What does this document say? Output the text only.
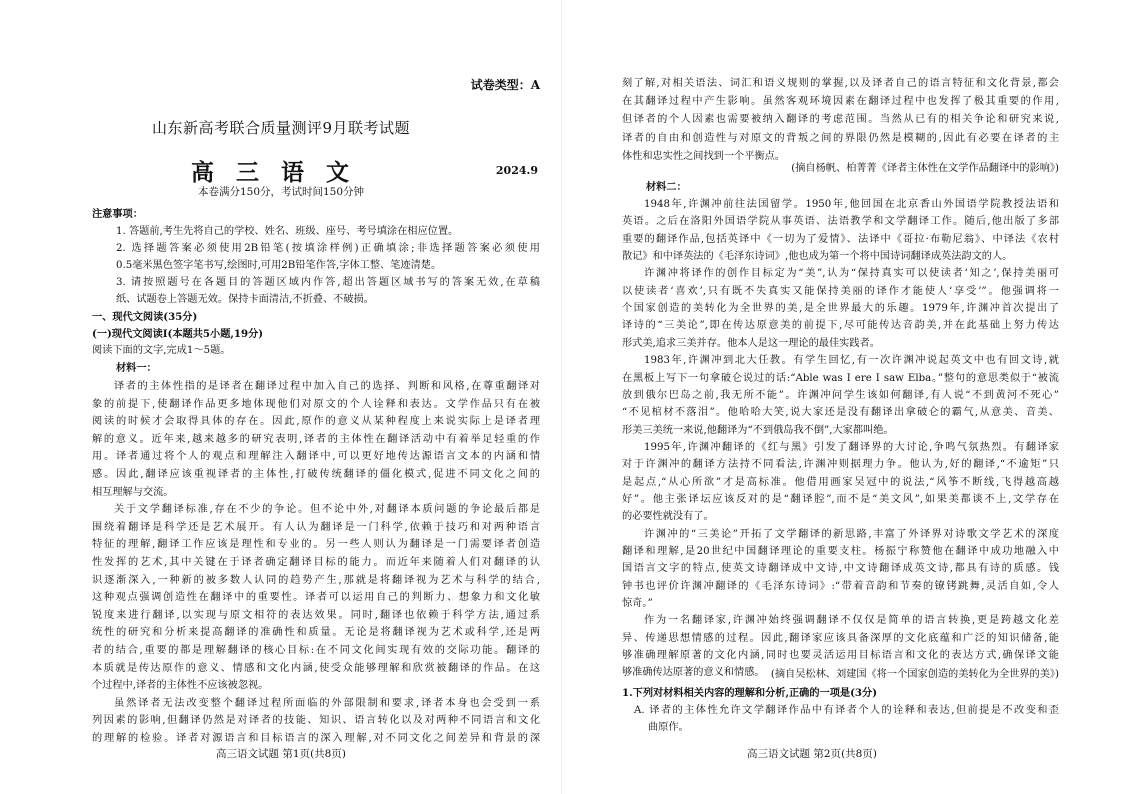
试卷类型：A
山东新高考联合质量测评9月联考试题
高三语文	2024.9
本卷满分150分，考试时间150分钟
注意事项：
1. 答题前,考生先将自己的学校、姓名、班级、座号、考号填涂在相应位置。
2. 选择题答案必须使用2B铅笔(按填涂样例)正确填涂;非选择题答案必须使用
0.5毫米黑色签字笔书写,绘图时,可用2B铅笔作答,字体工整、笔迹清楚。
3. 请按照题号在各题目的答题区域内作答,超出答题区域书写的答案无效,在草稿
纸、试题卷上答题无效。保持卡面清洁,不折叠、不破损。
一、现代文阅读(35分)
(一)现代文阅读Ⅰ(本题共5小题,19分)
阅读下面的文字,完成1～5题。
材料一：
译者的主体性指的是译者在翻译过程中加入自己的选择、判断和风格,在尊重翻译对
象的前提下,使翻译作品更多地体现他们对原文的个人诠释和表达。文学作品只有在被
阅读的时候才会取得具体的存在。因此,原作的意义从某种程度上来说实际上是译者理
解的意义。近年来,越来越多的研究表明,译者的主体性在翻译活动中有着举足轻重的作
用。译者通过将个人的观点和理解注入翻译中,可以更好地传达源语言文本的内涵和情
感。因此,翻译应该重视译者的主体性,打破传统翻译的僵化模式,促进不同文化之间的
相互理解与交流。
关于文学翻译标准,存在不少的争论。但不论中外,对翻译本质问题的争论最后都是
围绕着翻译是科学还是艺术展开。有人认为翻译是一门科学,依赖于技巧和对两种语言
特征的理解,翻译工作应该是理性和专业的。另一些人则认为翻译是一门需要译者创造
性发挥的艺术,其中关键在于译者确定翻译目标的能力。而近年来随着人们对翻译的认
识逐渐深入,一种新的被多数人认同的趋势产生,那就是将翻译视为艺术与科学的结合,
这种观点强调创造性在翻译中的重要性。译者可以运用自己的判断力、想象力和文化敏
锐度来进行翻译,以实现与原文相符的表达效果。同时,翻译也依赖于科学方法,通过系
统性的研究和分析来提高翻译的准确性和质量。无论是将翻译视为艺术或科学,还是两
者的结合,重要的都是理解翻译的核心目标:在不同文化间实现有效的交际功能。翻译的
本质就是传达原作的意义、情感和文化内涵,使受众能够理解和欣赏被翻译的作品。在这
个过程中,译者的主体性不应该被忽视。
虽然译者无法改变整个翻译过程所面临的外部限制和要求,译者本身也会受到一系
列因素的影响,但翻译仍然是对译者的技能、知识、语言转化以及对两种不同语言和文化
的理解的检验。译者对源语言和目标语言的深入理解,对不同文化之间差异和背景的深
高三语文试题 第1页(共8页)
刻了解,对相关语法、词汇和语义规则的掌握,以及译者自己的语言特征和文化背景,都会
在其翻译过程中产生影响。虽然客观环境因素在翻译过程中也发挥了极其重要的作用,
但译者的个人因素也需要被纳入翻译的考虑范围。当然从已有的相关争论和研究来说,
译者的自由和创造性与对原文的背叛之间的界限仍然是模糊的,因此有必要在译者的主
体性和忠实性之间找到一个平衡点。
(摘自杨帆、柏菁菁《译者主体性在文学作品翻译中的影响》)
材料二：
1948年,许渊冲前往法国留学。1950年,他回国在北京香山外国语学院教授法语和
英语。之后在洛阳外国语学院从事英语、法语教学和文学翻译工作。随后,他出版了多部
重要的翻译作品,包括英译中《一切为了爱情》、法译中《哥拉·布勒尼翁》、中译法《农村
散记》和中译英法的《毛泽东诗词》,他也成为第一个将中国诗词翻译成英法韵文的人。
许渊冲将译作的创作目标定为“美”,认为“保持真实可以使读者‘知之’,保持美丽可
以使读者‘喜欢’,只有既不失真实又能保持美丽的译作才能使人‘享受’”。他强调将一
个国家创造的美转化为全世界的美,是全世界最大的乐趣。1979年,许渊冲首次提出了
译诗的“三美论”,即在传达原意美的前提下,尽可能传达音韵美,并在此基础上努力传达
形式美,追求三美并存。他本人是这一理论的最佳实践者。
1983年,许渊冲到北大任教。有学生回忆,有一次许渊冲说起英文中也有回文诗,就
在黑板上写下一句拿破仑说过的话:“Able was I ere I saw Elba。”整句的意思类似于“被流
放到俄尔巴岛之前,我无所不能”。许渊冲问学生该如何翻译,有人说“不到黄河不死心”
“不见棺材不落泪”。他哈哈大笑,说大家还是没有翻译出拿破仑的霸气,从意美、音美、
形美三美统一来说,他翻译为“不到俄岛我不倒”,大家都叫绝。
1995年,许渊冲翻译的《红与黑》引发了翻译界的大讨论,争鸣气氛热烈。有翻译家
对于许渊冲的翻译方法持不同看法,许渊冲则据理力争。他认为,好的翻译,“不逾矩”只
是起点,“从心所欲”才是高标准。他借用画家吴冠中的说法,“风筝不断线,飞得越高越
好”。他主张译坛应该反对的是“翻译腔”,而不是“美文风”,如果美都谈不上,文学存在
的必要性就没有了。
许渊冲的“三美论”开拓了文学翻译的新思路,丰富了外译界对诗歌文学艺术的深度
翻译和理解,是20世纪中国翻译理论的重要支柱。杨振宁称赞他在翻译中成功地融入中
国语言文字的特点,使英文诗翻译成中文诗,中文诗翻译成英文诗,都具有诗的质感。钱
钟书也评价许渊冲翻译的《毛泽东诗词》:“带着音韵和节奏的镣铐跳舞,灵活自如,令人
惊奇。”
作为一名翻译家,许渊冲始终强调翻译不仅仅是简单的语言转换,更是跨越文化差
异、传递思想情感的过程。因此,翻译家应该具备深厚的文化底蕴和广泛的知识储备,能
够准确理解原著的文化内涵,同时也要灵活运用目标语言和文化的表达方式,确保译文能
够准确传达原著的意义和情感。 (摘自吴松林、刘建国《将一个国家创造的美转化为全世界的美》)
1.下列对材料相关内容的理解和分析,正确的一项是(3分)
A. 译者的主体性允许文学翻译作品中有译者个人的诠释和表达,但前提是不改变和歪
曲原作。
高三语文试题 第2页(共8页)
